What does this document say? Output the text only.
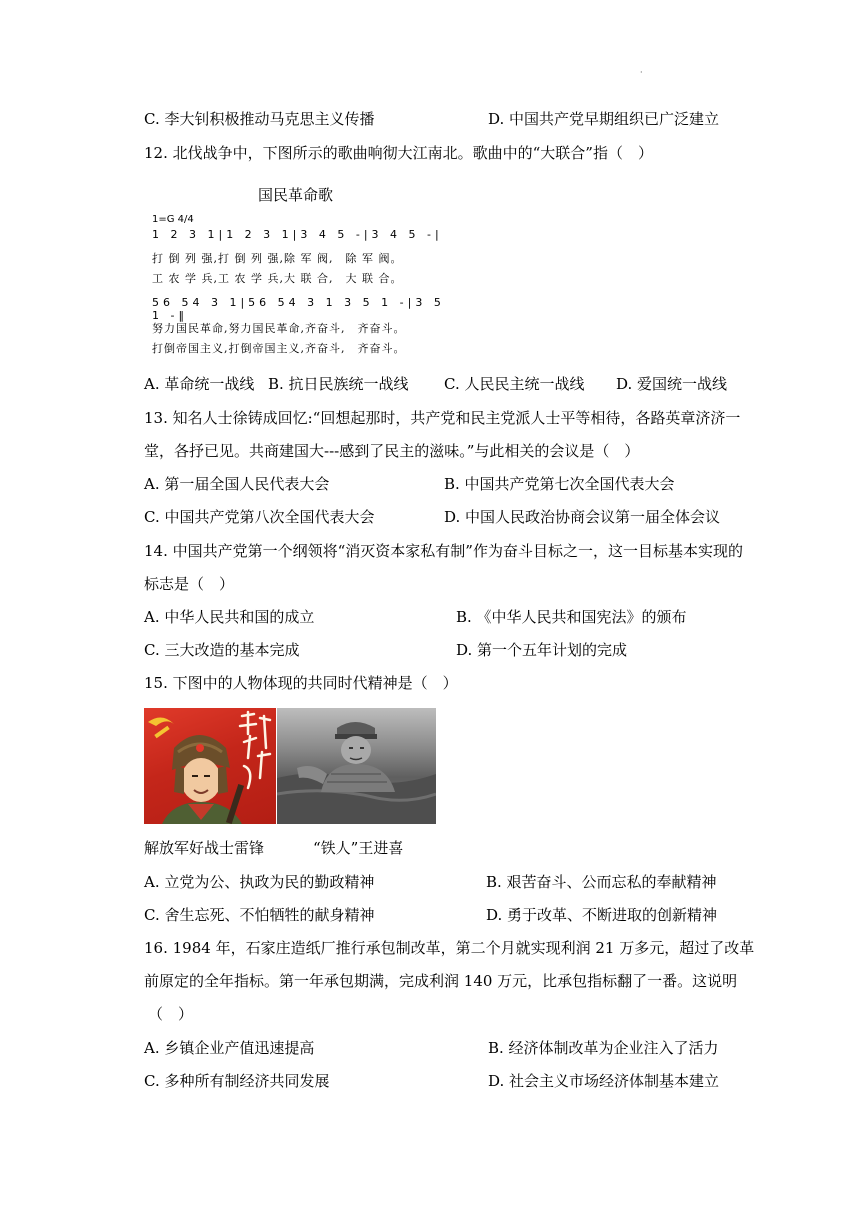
·
C. 李大钊积极推动马克思主义传播	D. 中国共产党早期组织已广泛建立
12. 北伐战争中，下图所示的歌曲响彻大江南北。歌曲中的“大联合”指（　）
国民革命歌
1=G 4/4
1 2 3 1|1 2 3 1|3 4 5 -|3 4 5 -|
打 倒 列 强,打 倒 列 强,除 军 阀,　除 军 阀。
工 农 学 兵,工 农 学 兵,大 联 合,　大 联 合。
56 54 3 1|56 54 3 1 3 5 1 -|3 5 1 -‖
努力国民革命,努力国民革命,齐奋斗,　齐奋斗。
打倒帝国主义,打倒帝国主义,齐奋斗,　齐奋斗。
A. 革命统一战线 B. 抗日民族统一战线 C. 人民民主统一战线 D. 爱国统一战线
13. 知名人士徐铸成回忆:“回想起那时，共产党和民主党派人士平等相待，各路英章济济一
堂，各抒已见。共商建国大---感到了民主的滋味。”与此相关的会议是（　）
A. 第一届全国人民代表大会	B. 中国共产党第七次全国代表大会
C. 中国共产党第八次全国代表大会	D. 中国人民政治协商会议第一届全体会议
14. 中国共产党第一个纲领将“消灭资本家私有制”作为奋斗目标之一，这一目标基本实现的
标志是（　）
A. 中华人民共和国的成立	B. 《中华人民共和国宪法》的颁布
C. 三大改造的基本完成	D. 第一个五年计划的完成
15. 下图中的人物体现的共同时代精神是（　）
解放军好战士雷锋	“铁人”王进喜
A. 立党为公、执政为民的勤政精神	B. 艰苦奋斗、公而忘私的奉献精神
C. 舍生忘死、不怕牺牲的献身精神	D. 勇于改革、不断进取的创新精神
16. 1984 年，石家庄造纸厂推行承包制改革，第二个月就实现利润 21 万多元，超过了改革
前原定的全年指标。第一年承包期满，完成利润 140 万元，比承包指标翻了一番。这说明
（　）
A. 乡镇企业产值迅速提高	B. 经济体制改革为企业注入了活力
C. 多种所有制经济共同发展	D. 社会主义市场经济体制基本建立
